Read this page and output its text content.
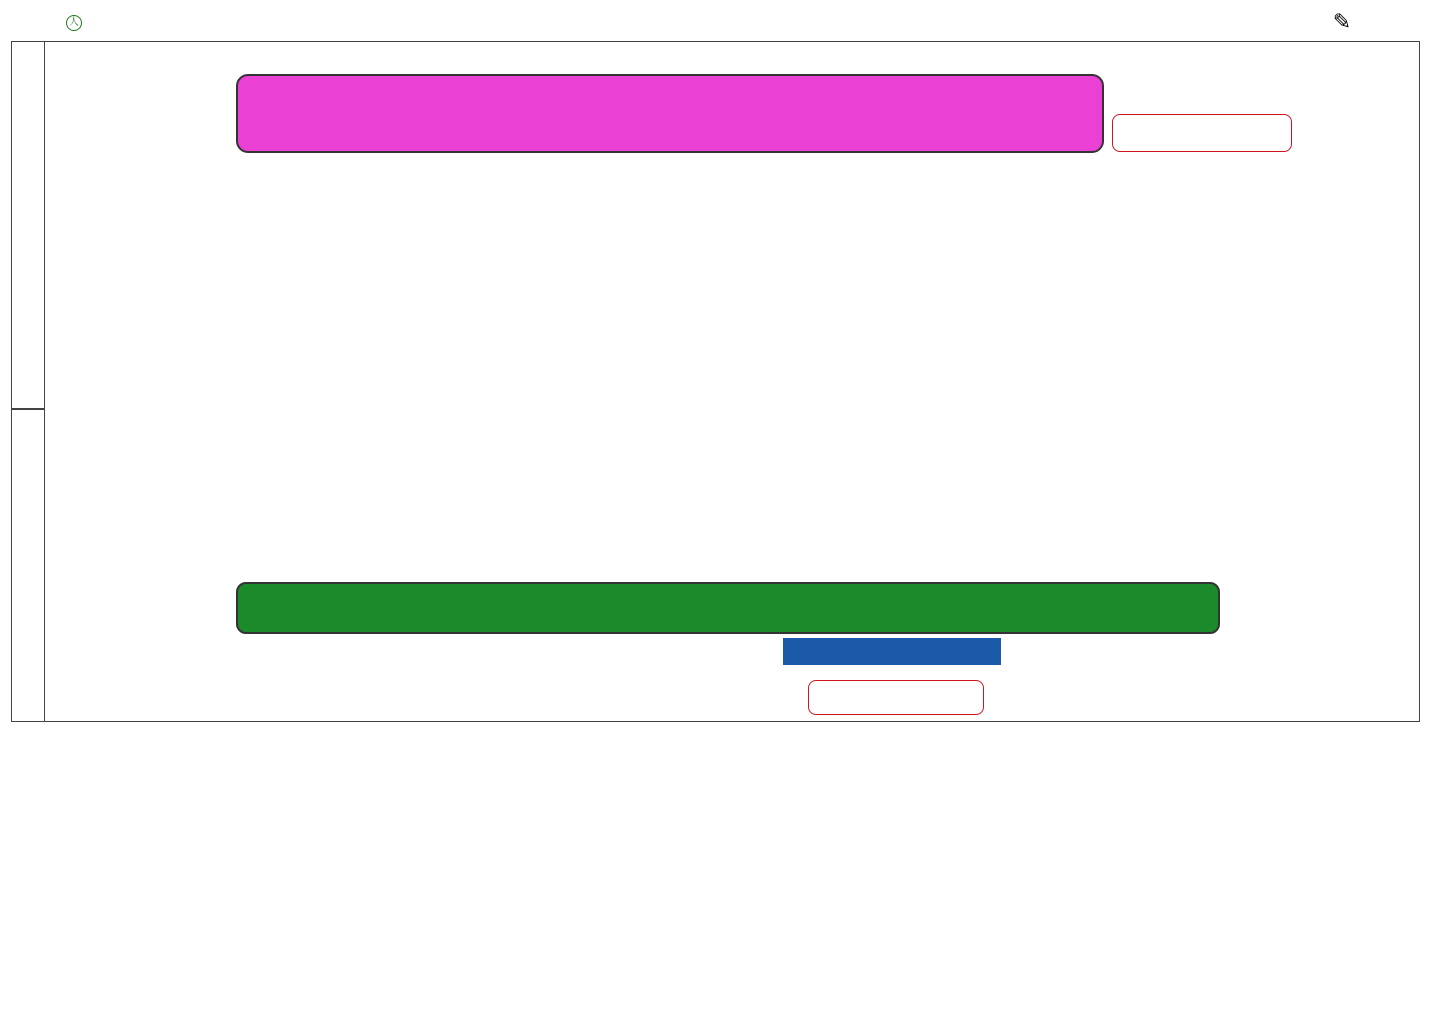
人	✎
